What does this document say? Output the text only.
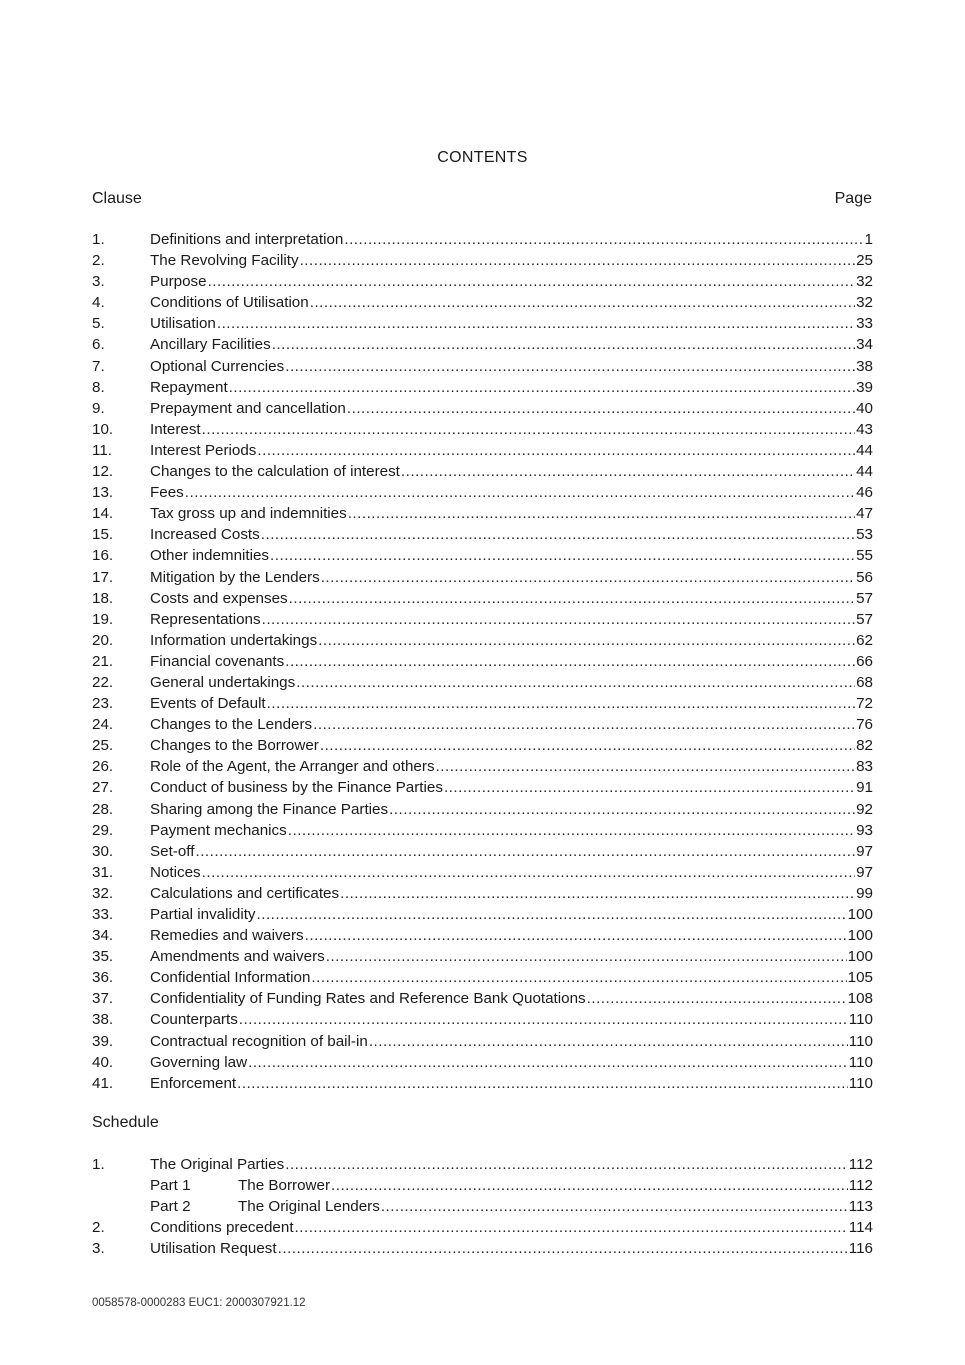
CONTENTS
Clause	Page
1.	Definitions and interpretation .....	1
2.	The Revolving Facility .....	25
3.	Purpose .....	32
4.	Conditions of Utilisation .....	32
5.	Utilisation .....	33
6.	Ancillary Facilities .....	34
7.	Optional Currencies .....	38
8.	Repayment .....	39
9.	Prepayment and cancellation .....	40
10.	Interest .....	43
11.	Interest Periods .....	44
12.	Changes to the calculation of interest .....	44
13.	Fees .....	46
14.	Tax gross up and indemnities .....	47
15.	Increased Costs .....	53
16.	Other indemnities .....	55
17.	Mitigation by the Lenders .....	56
18.	Costs and expenses .....	57
19.	Representations .....	57
20.	Information undertakings .....	62
21.	Financial covenants .....	66
22.	General undertakings .....	68
23.	Events of Default .....	72
24.	Changes to the Lenders .....	76
25.	Changes to the Borrower .....	82
26.	Role of the Agent, the Arranger and others .....	83
27.	Conduct of business by the Finance Parties .....	91
28.	Sharing among the Finance Parties .....	92
29.	Payment mechanics .....	93
30.	Set-off .....	97
31.	Notices .....	97
32.	Calculations and certificates .....	99
33.	Partial invalidity .....	100
34.	Remedies and waivers .....	100
35.	Amendments and waivers .....	100
36.	Confidential Information .....	105
37.	Confidentiality of Funding Rates and Reference Bank Quotations .....	108
38.	Counterparts .....	110
39.	Contractual recognition of bail-in .....	110
40.	Governing law .....	110
41.	Enforcement .....	110
Schedule
1.	The Original Parties .....	112
Part 1	The Borrower .....	112
Part 2	The Original Lenders .....	113
2.	Conditions precedent .....	114
3.	Utilisation Request .....	116
0058578-0000283 EUC1: 2000307921.12
